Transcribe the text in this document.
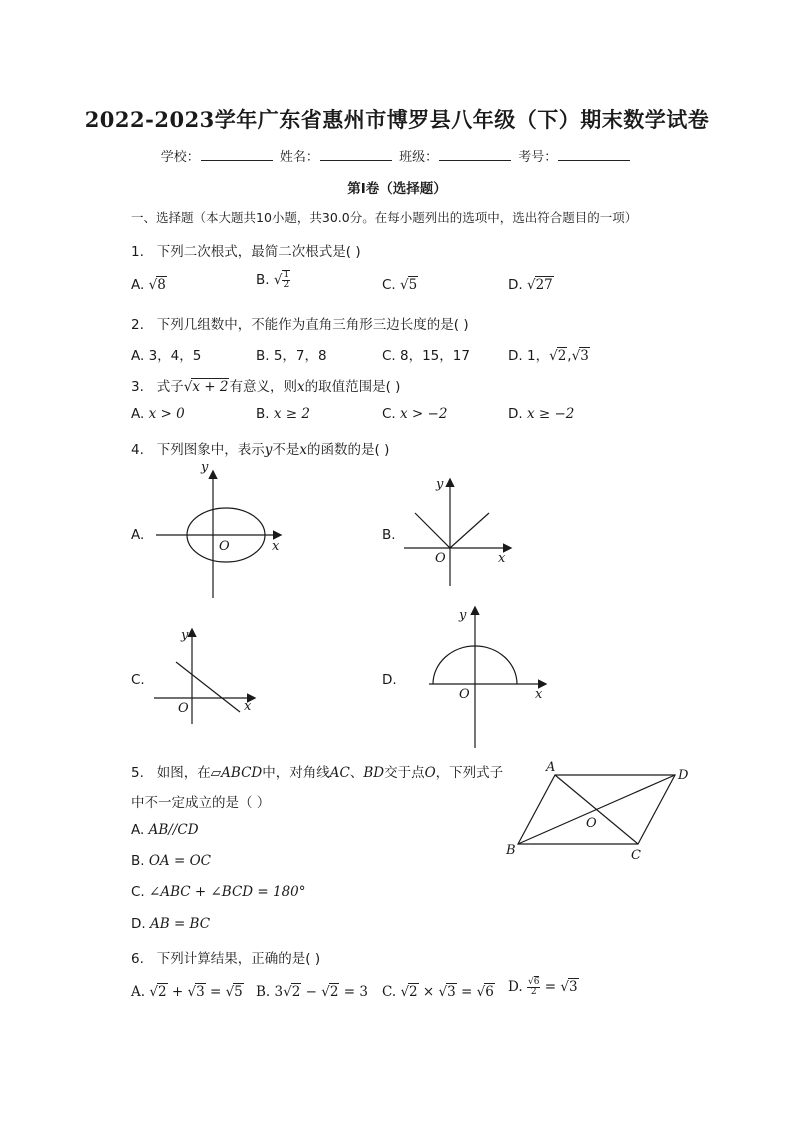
2022-2023学年广东省惠州市博罗县八年级（下）期末数学试卷
学校：	姓名：	班级：	考号：
第Ⅰ卷（选择题）
一、选择题（本大题共10小题，共30.0分。在每小题列出的选项中，选出符合题目的一项）
1. 下列二次根式，最简二次根式是( )
A. √8	B. √ $\frac{1}{2}$	C. √5	D. √27
2. 下列几组数中，不能作为直角三角形三边长度的是( )
A. 3，4，5	B. 5，7，8	C. 8，15，17	D. 1，√2,√3
3. 式子√x + 2有意义，则x的取值范围是( )
A. x > 0	B. x ≥ 2	C. x > −2	D. x ≥ −2
4. 下列图象中，表示y不是x的函数的是( )
A.	B.
C.	D.
y
x
O
y
x
O
y
x
O
y
x
O
5. 如图，在▱ABCD中，对角线AC、BD交于点O，下列式子
中不一定成立的是（ ）
A. AB//CD
B. OA = OC
C. ∠ABC + ∠BCD = 180°
D. AB = BC
A
D
B	C
O
6. 下列计算结果，正确的是( )
A. √2 + √3 = √5 B. 3√2 − √2 = 3 C. √2 × √3 = √6 D. $\frac{√6}{2} = √3$
